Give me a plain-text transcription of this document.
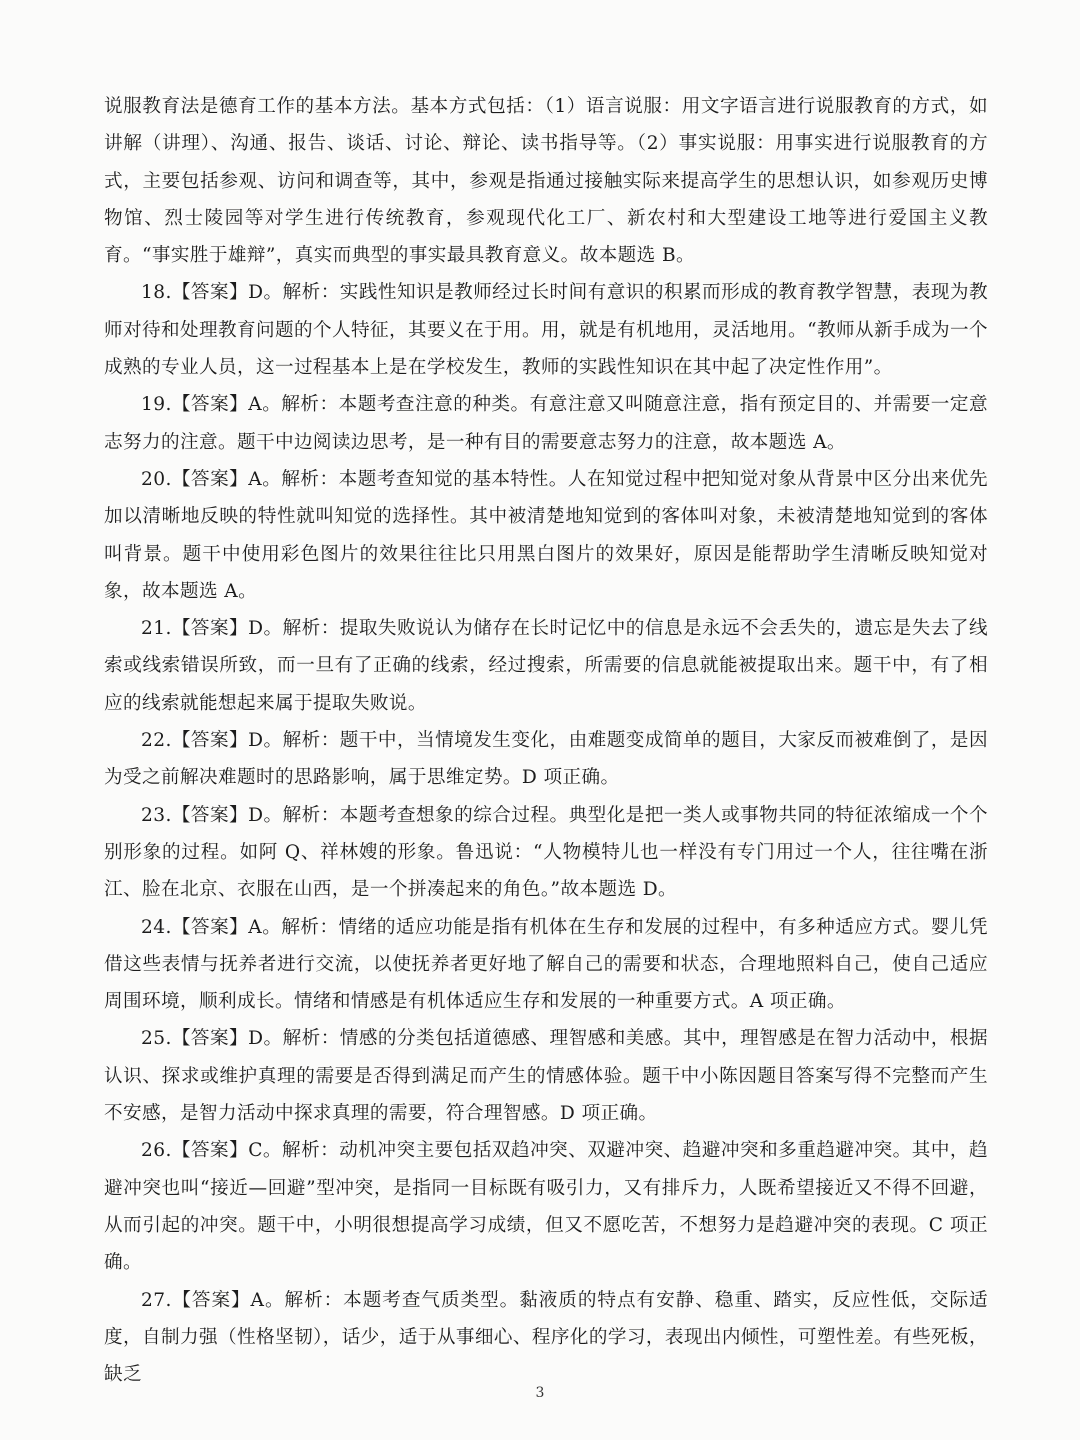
说服教育法是德育工作的基本方法。基本方式包括：（1）语言说服：用文字语言进行说服教育的方式，如讲解（讲理）、沟通、报告、谈话、讨论、辩论、读书指导等。（2）事实说服：用事实进行说服教育的方式，主要包括参观、访问和调查等，其中，参观是指通过接触实际来提高学生的思想认识，如参观历史博物馆、烈士陵园等对学生进行传统教育，参观现代化工厂、新农村和大型建设工地等进行爱国主义教育。“事实胜于雄辩”，真实而典型的事实最具教育意义。故本题选 B。

18.【答案】D。解析：实践性知识是教师经过长时间有意识的积累而形成的教育教学智慧，表现为教师对待和处理教育问题的个人特征，其要义在于用。用，就是有机地用，灵活地用。“教师从新手成为一个成熟的专业人员，这一过程基本上是在学校发生，教师的实践性知识在其中起了决定性作用”。

19.【答案】A。解析：本题考查注意的种类。有意注意又叫随意注意，指有预定目的、并需要一定意志努力的注意。题干中边阅读边思考，是一种有目的需要意志努力的注意，故本题选 A。

20.【答案】A。解析：本题考查知觉的基本特性。人在知觉过程中把知觉对象从背景中区分出来优先加以清晰地反映的特性就叫知觉的选择性。其中被清楚地知觉到的客体叫对象，未被清楚地知觉到的客体叫背景。题干中使用彩色图片的效果往往比只用黑白图片的效果好，原因是能帮助学生清晰反映知觉对象，故本题选 A。

21.【答案】D。解析：提取失败说认为储存在长时记忆中的信息是永远不会丢失的，遗忘是失去了线索或线索错误所致，而一旦有了正确的线索，经过搜索，所需要的信息就能被提取出来。题干中，有了相应的线索就能想起来属于提取失败说。

22.【答案】D。解析：题干中，当情境发生变化，由难题变成简单的题目，大家反而被难倒了，是因为受之前解决难题时的思路影响，属于思维定势。D 项正确。

23.【答案】D。解析：本题考查想象的综合过程。典型化是把一类人或事物共同的特征浓缩成一个个别形象的过程。如阿 Q、祥林嫂的形象。鲁迅说：“人物模特儿也一样没有专门用过一个人，往往嘴在浙江、脸在北京、衣服在山西，是一个拼凑起来的角色。”故本题选 D。

24.【答案】A。解析：情绪的适应功能是指有机体在生存和发展的过程中，有多种适应方式。婴儿凭借这些表情与抚养者进行交流，以使抚养者更好地了解自己的需要和状态，合理地照料自己，使自己适应周围环境，顺利成长。情绪和情感是有机体适应生存和发展的一种重要方式。A 项正确。

25.【答案】D。解析：情感的分类包括道德感、理智感和美感。其中，理智感是在智力活动中，根据认识、探求或维护真理的需要是否得到满足而产生的情感体验。题干中小陈因题目答案写得不完整而产生不安感，是智力活动中探求真理的需要，符合理智感。D 项正确。

26.【答案】C。解析：动机冲突主要包括双趋冲突、双避冲突、趋避冲突和多重趋避冲突。其中，趋避冲突也叫“接近—回避”型冲突，是指同一目标既有吸引力，又有排斥力，人既希望接近又不得不回避，从而引起的冲突。题干中，小明很想提高学习成绩，但又不愿吃苦，不想努力是趋避冲突的表现。C 项正确。

27.【答案】A。解析：本题考查气质类型。黏液质的特点有安静、稳重、踏实，反应性低，交际适度，自制力强（性格坚韧），话少，适于从事细心、程序化的学习，表现出内倾性，可塑性差。有些死板，缺乏

3
